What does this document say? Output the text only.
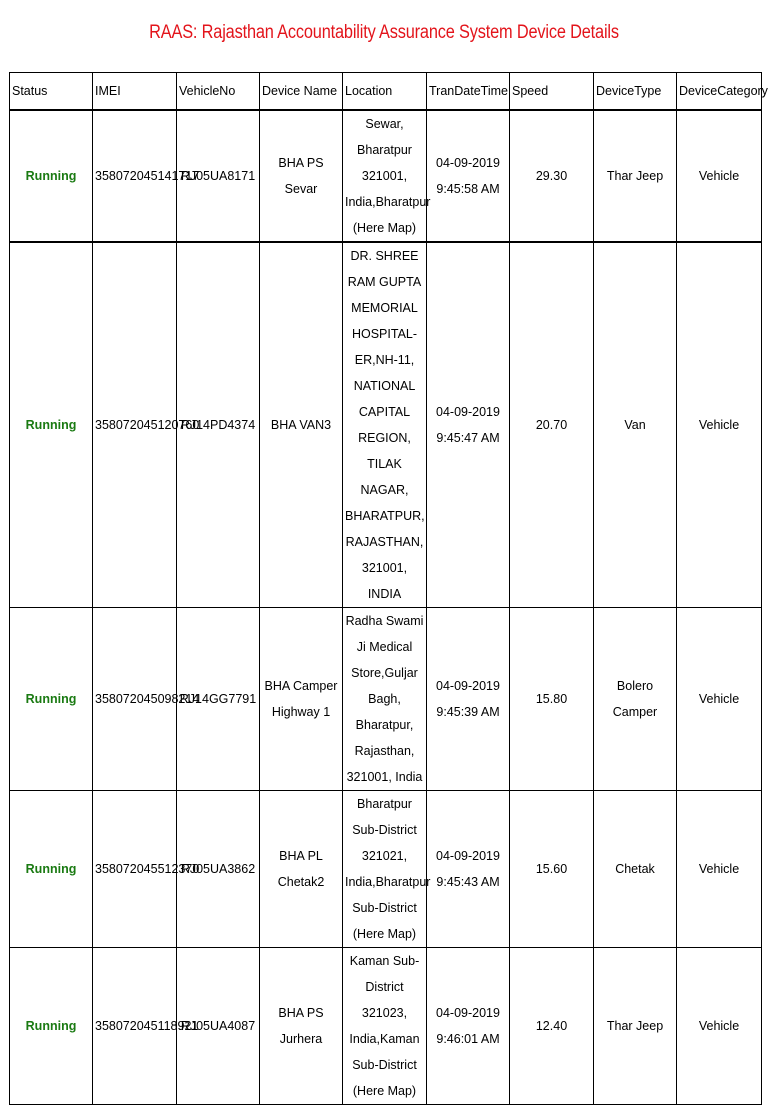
RAAS: Rajasthan Accountability Assurance System Device Details
Status	IMEI	VehicleNo	Device Name	Location	TranDateTime	Speed	DeviceType	DeviceCategory
Running	358072045141717	RJ05UA8171	BHA PS Sevar	Sewar, Bharatpur 321001, India,Bharatpur (Here Map)	04-09-2019 9:45:58 AM	29.30	Thar Jeep	Vehicle
Running	358072045120760	RJ14PD4374	BHA VAN3	DR. SHREE RAM GUPTA MEMORIAL HOSPITAL-ER,NH-11, NATIONAL CAPITAL REGION, TILAK NAGAR, BHARATPUR, RAJASTHAN, 321001, INDIA	04-09-2019 9:45:47 AM	20.70	Van	Vehicle
Running	358072045098214	RJ14GG7791	BHA Camper Highway 1	Radha Swami Ji Medical Store,Guljar Bagh, Bharatpur, Rajasthan, 321001, India	04-09-2019 9:45:39 AM	15.80	Bolero Camper	Vehicle
Running	358072045512370	RJ05UA3862	BHA PL Chetak2	Bharatpur Sub-District 321021, India,Bharatpur Sub-District (Here Map)	04-09-2019 9:45:43 AM	15.60	Chetak	Vehicle
Running	358072045118921	RJ05UA4087	BHA PS Jurhera	Kaman Sub-District 321023, India,Kaman Sub-District (Here Map)	04-09-2019 9:46:01 AM	12.40	Thar Jeep	Vehicle
